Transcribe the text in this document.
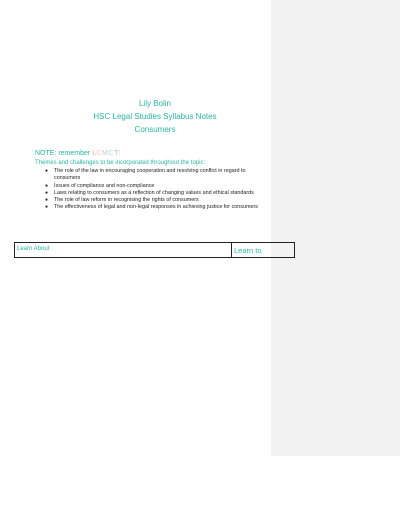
Lily Bolin
HSC Legal Studies Syllabus Notes
Consumers
NOTE: remember LCMCT!
Themes and challenges to be incorporated throughout the topic:
● The role of the law in encouraging cooperation and resolving conflict in regard to consumers
● Issues of compliance and non-compliance
● Laws relating to consumers as a reflection of changing values and ethical standards
● The role of law reform in recognising the rights of consumers
● The effectiveness of legal and non-legal responses in achieving justice for consumers
Learn About	Learn to
